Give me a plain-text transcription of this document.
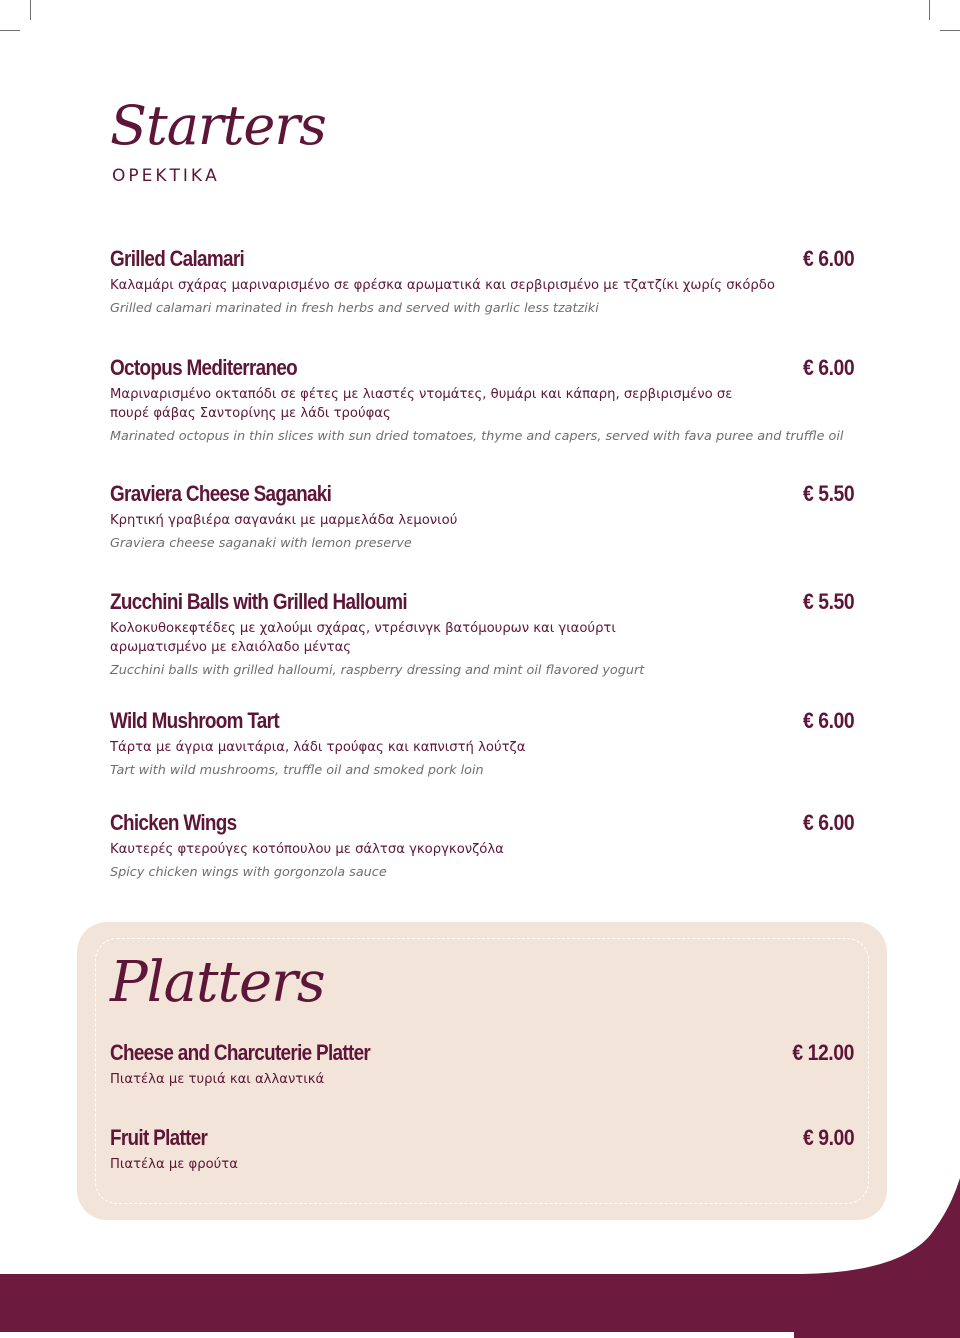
Starters
ΟΡΕΚΤΙΚΑ
Grilled Calamari	€ 6.00
Καλαμάρι σχάρας μαριναρισμένο σε φρέσκα αρωματικά και σερβιρισμένο με τζατζίκι χωρίς σκόρδο
Grilled calamari marinated in fresh herbs and served with garlic less tzatziki
Octopus Mediterraneo	€ 6.00
Μαριναρισμένο οκταπόδι σε φέτες με λιαστές ντομάτες, θυμάρι και κάπαρη, σερβιρισμένο σε πουρέ φάβας Σαντορίνης με λάδι τρούφας
Marinated octopus in thin slices with sun dried tomatoes, thyme and capers, served with fava puree and truffle oil
Graviera Cheese Saganaki	€ 5.50
Κρητική γραβιέρα σαγανάκι με μαρμελάδα λεμονιού
Graviera cheese saganaki with lemon preserve
Zucchini Balls with Grilled Halloumi	€ 5.50
Κολοκυθοκεφτέδες με χαλούμι σχάρας, ντρέσινγκ βατόμουρων και γιαούρτι αρωματισμένο με ελαιόλαδο μέντας
Zucchini balls with grilled halloumi, raspberry dressing and mint oil flavored yogurt
Wild Mushroom Tart	€ 6.00
Τάρτα με άγρια μανιτάρια, λάδι τρούφας και καπνιστή λούτζα
Tart with wild mushrooms, truffle oil and smoked pork loin
Chicken Wings	€ 6.00
Καυτερές φτερούγες κοτόπουλου με σάλτσα γκοργκονζόλα
Spicy chicken wings with gorgonzola sauce
Platters
Cheese and Charcuterie Platter	€ 12.00
Πιατέλα με τυριά και αλλαντικά
Fruit Platter	€ 9.00
Πιατέλα με φρούτα
